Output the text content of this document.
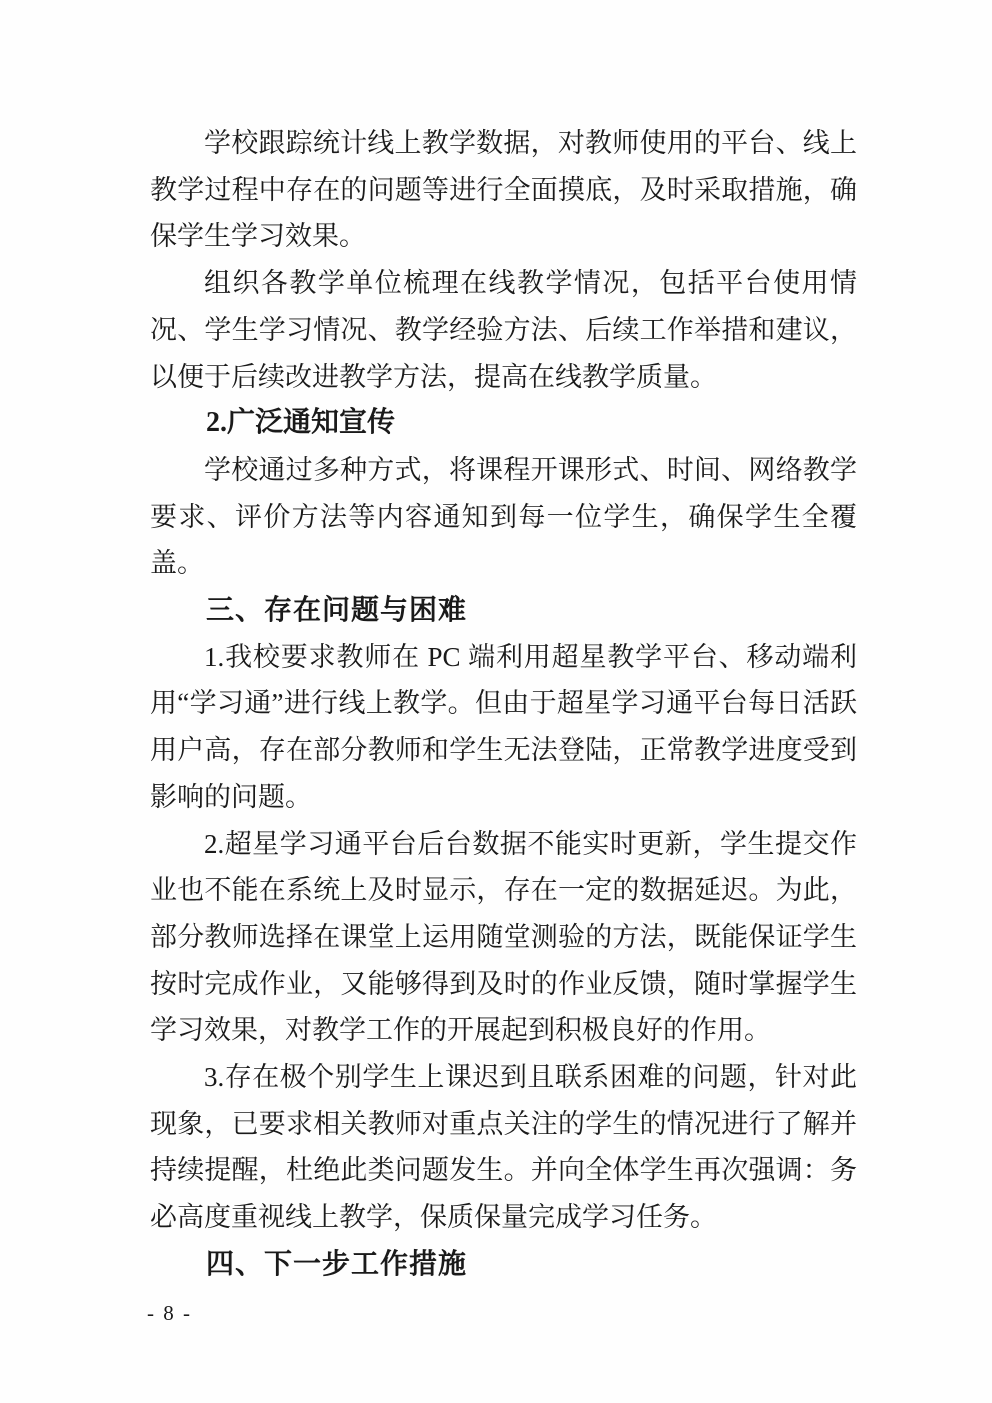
学校跟踪统计线上教学数据，对教师使用的平台、线上教学过程中存在的问题等进行全面摸底，及时采取措施，确保学生学习效果。

组织各教学单位梳理在线教学情况，包括平台使用情况、学生学习情况、教学经验方法、后续工作举措和建议，以便于后续改进教学方法，提高在线教学质量。

2.广泛通知宣传

学校通过多种方式，将课程开课形式、时间、网络教学要求、评价方法等内容通知到每一位学生，确保学生全覆盖。

三、存在问题与困难

1.我校要求教师在 PC 端利用超星教学平台、移动端利用“学习通”进行线上教学。但由于超星学习通平台每日活跃用户高，存在部分教师和学生无法登陆，正常教学进度受到影响的问题。

2.超星学习通平台后台数据不能实时更新，学生提交作业也不能在系统上及时显示，存在一定的数据延迟。为此，部分教师选择在课堂上运用随堂测验的方法，既能保证学生按时完成作业，又能够得到及时的作业反馈，随时掌握学生学习效果，对教学工作的开展起到积极良好的作用。

3.存在极个别学生上课迟到且联系困难的问题，针对此现象，已要求相关教师对重点关注的学生的情况进行了解并持续提醒，杜绝此类问题发生。并向全体学生再次强调：务必高度重视线上教学，保质保量完成学习任务。

四、下一步工作措施
- 8 -
